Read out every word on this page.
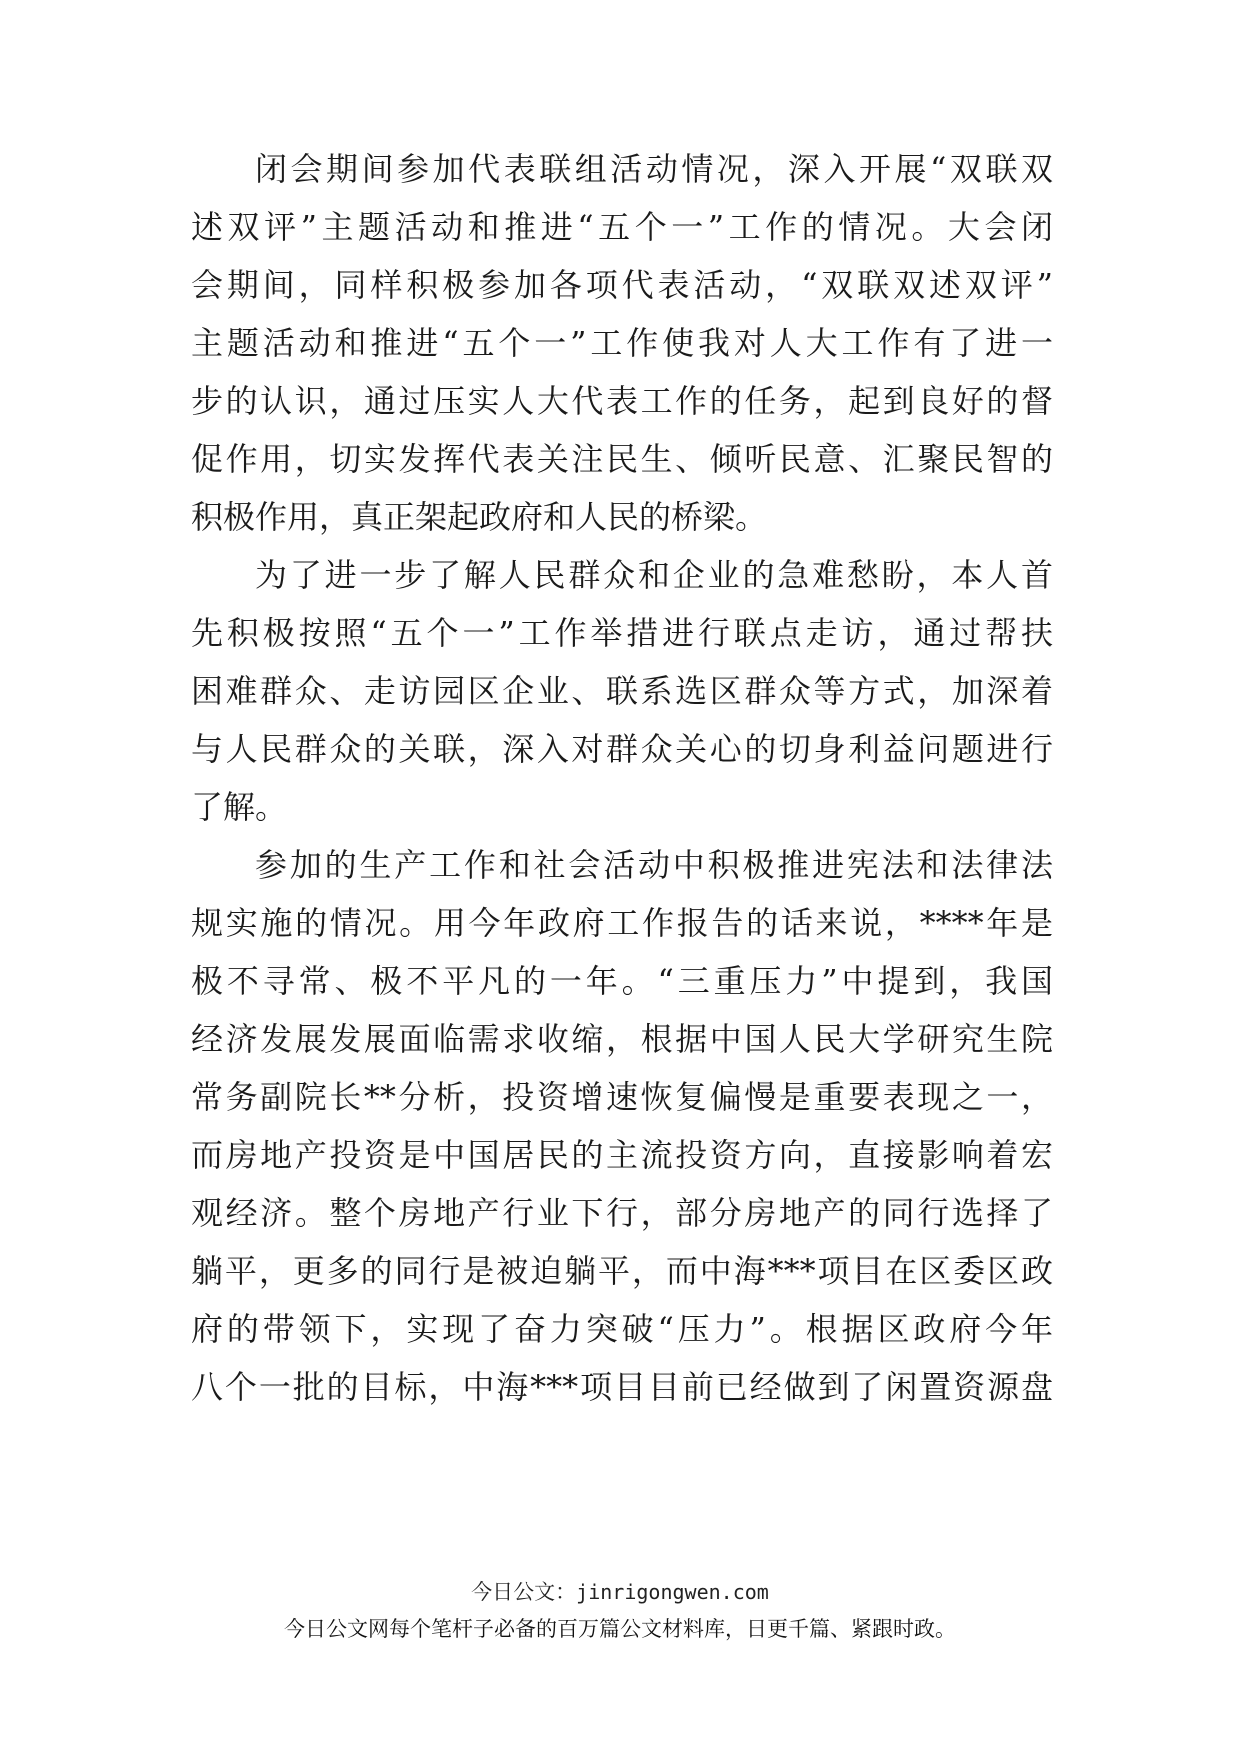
闭会期间参加代表联组活动情况，深入开展“双联双
述双评”主题活动和推进“五个一”工作的情况。大会闭
会期间，同样积极参加各项代表活动，“双联双述双评”
主题活动和推进“五个一”工作使我对人大工作有了进一
步的认识，通过压实人大代表工作的任务，起到良好的督
促作用，切实发挥代表关注民生、倾听民意、汇聚民智的
积极作用，真正架起政府和人民的桥梁。
为了进一步了解人民群众和企业的急难愁盼，本人首
先积极按照“五个一”工作举措进行联点走访，通过帮扶
困难群众、走访园区企业、联系选区群众等方式，加深着
与人民群众的关联，深入对群众关心的切身利益问题进行
了解。
参加的生产工作和社会活动中积极推进宪法和法律法
规实施的情况。用今年政府工作报告的话来说，****年是
极不寻常、极不平凡的一年。“三重压力”中提到，我国
经济发展发展面临需求收缩，根据中国人民大学研究生院
常务副院长**分析，投资增速恢复偏慢是重要表现之一，
而房地产投资是中国居民的主流投资方向，直接影响着宏
观经济。整个房地产行业下行，部分房地产的同行选择了
躺平，更多的同行是被迫躺平，而中海***项目在区委区政
府的带领下，实现了奋力突破“压力”。根据区政府今年
八个一批的目标，中海***项目目前已经做到了闲置资源盘
今日公文：jinrigongwen.com
今日公文网每个笔杆子必备的百万篇公文材料库，日更千篇、紧跟时政。
